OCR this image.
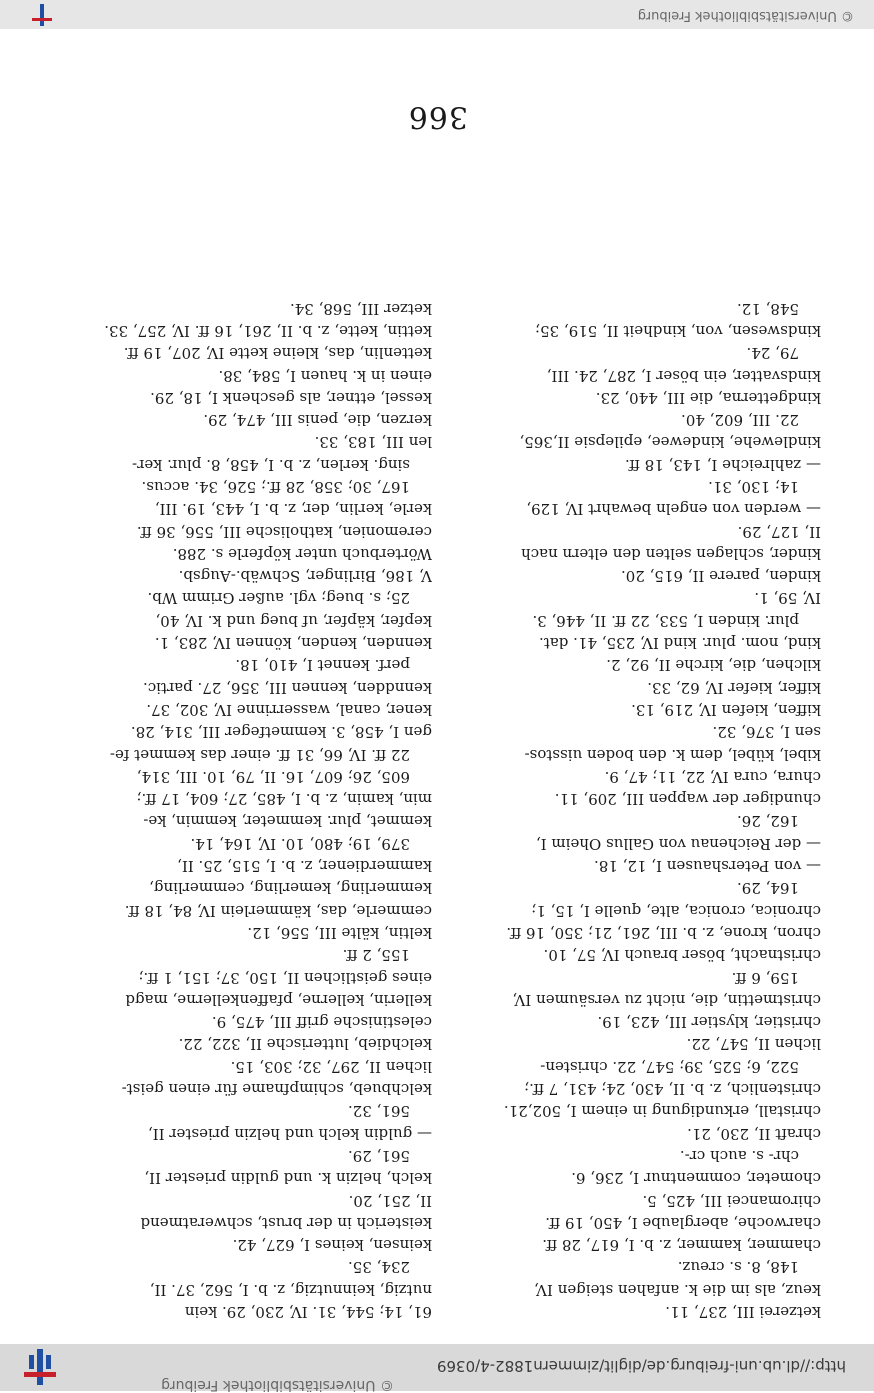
http://dl.ub.uni-freiburg.de/diglit/zimmern1882-4/0369
© Universitätsbibliothek Freiburg
366
ketzerei III, 237, 11.
keuz, als im die k. anfahen steigen IV,
148, 8. s. creuz.
chammer, kammer, z. b. I, 617, 28 ff.
charwoche, aberglaube I, 450, 19 ff.
chiromancei III, 425, 5.
chometer, commentnur I, 236, 6.
chr- s. auch cr-.
chraft II, 230, 21.
christall, erkundigung in einem I, 502,21.
christenlich, z. b. II, 430, 24; 431, 7 ff.;
522, 6; 525, 39; 547, 22. christen-
lichen II, 547, 22.
christier, klystier III, 423, 19.
christmettin, die, nicht zu versäumen IV,
159, 6 ff.
christnacht, böser brauch IV, 57, 10.
chron, krone, z. b. III, 261, 21; 350, 16 ff.
chronica, cronica, alte, quelle I, 15, 1;
164, 29.
— von Petershausen I, 12, 18.
— der Reichenau von Gallus Oheim I,
162, 26.
chundiger der wappen III, 209, 11.
chura, cura IV, 22, 11; 47, 9.
kibel, kübel, dem k. den boden uisstos-
sen I, 376, 32.
kiffen, kiefen IV, 219, 13.
kiffer, kiefer IV, 62, 33.
kilchen, die, kirche II, 92, 2.
kind, nom. plur. kind IV, 235, 41. dat.
plur. kinden I, 533, 22 ff. II, 446, 3.
IV, 59, 1.
kinden, parere II, 615, 20.
kinder, schlagen selten den eltern nach
II, 127, 29.
— werden von engeln bewahrt IV, 129,
14; 130, 31.
— zahlreiche I, 143, 18 ff.
kindlewehe, kindewee, epilepsie II,365,
22. III, 602, 40.
kindgetterna, die III, 440, 23.
kindsvatter, ein böser I, 287, 24. III,
79, 24.
kindswesen, von, kindheit II, 519, 35;
548, 12.
61, 14; 544, 31. IV, 230, 29. kein
nutzig, keinnutzig, z. b. I, 562, 37. II,
234, 35.
keinsen, keines I, 627, 42.
keisterich in der brust, schweratmend
II, 251, 20.
kelch, helzin k. und guldin priester II,
561, 29.
— guldin kelch und helzin priester II,
561, 32.
kelchbueb, schimpfname für einen geist-
lichen II, 297, 32; 303, 15.
kelchdieb, lutterische II, 322, 22.
celestinische griff III, 475, 9.
kellerin, kellerne, pfaffenkellerne, magd
eines geistlichen II, 150, 37; 151, 1 ff.;
155, 2 ff.
keltin, kälte III, 556, 12.
cemmerle, das, kämmerlein IV, 84, 18 ff.
kemmerling, kemerling, cemmerling,
kammerdiener, z. b. I, 515, 25. II,
379, 19; 480, 10. IV, 164, 14.
kemmet, plur. kemmeter, kemmin, ke-
min, kamin, z. b. I, 485, 27; 604, 17 ff.;
605, 26; 607, 16. II, 79, 10. III, 314,
22 ff. IV, 66, 31 ff. einer das kemmet fe-
gen I, 458, 3. kemmetfeger III, 314, 28.
kener, canal, wasserrinne IV, 302, 37.
kenndden, kennen III, 356, 27. partic.
perf. kennet I, 410, 18.
kennden, kenden, können IV, 283, 1.
kepfer, käpfer, uf bueg und k. IV, 40,
25; s. bueg; vgl. außer Grimm Wb.
V, 186, Birlinger, Schwäb.-Augsb.
Wörterbuch unter köpferle s. 288.
ceremonien, katholische III, 556, 36 ff.
kerle, kerlin, der, z. b. I, 443, 19. III,
167, 30; 358, 28 ff.; 526, 34. accus.
sing. kerlen, z. b. I, 458, 8. plur. ker-
len III, 183, 33.
kerzen, die, penis III, 474, 29.
kessel, ettner, als geschenk I, 18, 29.
einen in k. hauen I, 584, 38.
kettenlin, das, kleine kette IV, 207, 19 ff.
kettin, kette, z. b. II, 261, 16 ff. IV, 257, 33.
ketzer III, 568, 34.
© Universitätsbibliothek Freiburg
